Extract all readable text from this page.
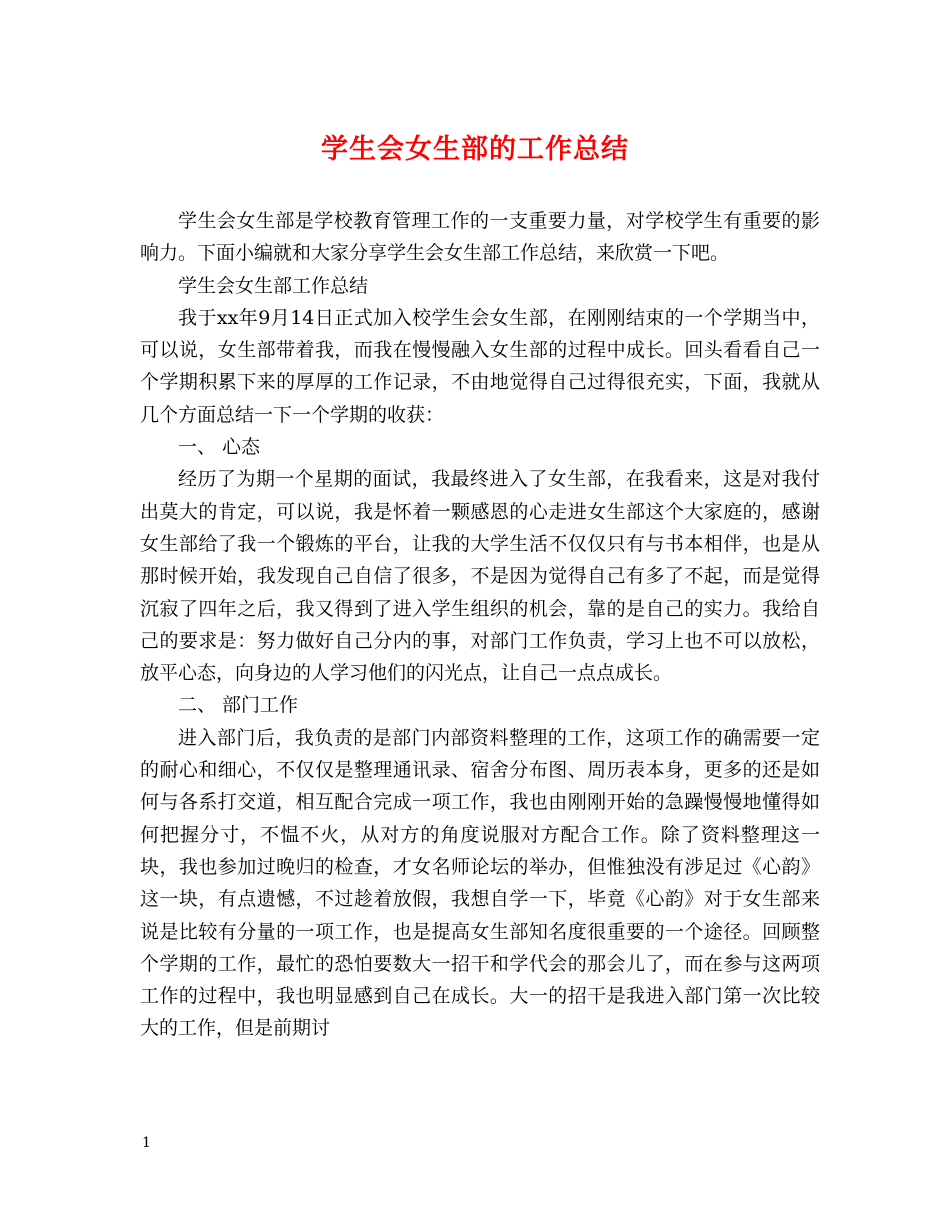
学生会女生部的工作总结

学生会女生部是学校教育管理工作的一支重要力量，对学校学生有重要的影响力。下面小编就和大家分享学生会女生部工作总结，来欣赏一下吧。

学生会女生部工作总结

我于xx年9月14日正式加入校学生会女生部，在刚刚结束的一个学期当中，可以说，女生部带着我，而我在慢慢融入女生部的过程中成长。回头看看自己一个学期积累下来的厚厚的工作记录，不由地觉得自己过得很充实，下面，我就从几个方面总结一下一个学期的收获：

一、 心态

经历了为期一个星期的面试，我最终进入了女生部，在我看来，这是对我付出莫大的肯定，可以说，我是怀着一颗感恩的心走进女生部这个大家庭的，感谢女生部给了我一个锻炼的平台，让我的大学生活不仅仅只有与书本相伴，也是从那时候开始，我发现自己自信了很多，不是因为觉得自己有多了不起，而是觉得沉寂了四年之后，我又得到了进入学生组织的机会，靠的是自己的实力。我给自己的要求是：努力做好自己分内的事，对部门工作负责，学习上也不可以放松，放平心态，向身边的人学习他们的闪光点，让自己一点点成长。

二、 部门工作

进入部门后，我负责的是部门内部资料整理的工作，这项工作的确需要一定的耐心和细心，不仅仅是整理通讯录、宿舍分布图、周历表本身，更多的还是如何与各系打交道，相互配合完成一项工作，我也由刚刚开始的急躁慢慢地懂得如何把握分寸，不愠不火，从对方的角度说服对方配合工作。除了资料整理这一块，我也参加过晚归的检查，才女名师论坛的举办，但惟独没有涉足过《心韵》这一块，有点遗憾，不过趁着放假，我想自学一下，毕竟《心韵》对于女生部来说是比较有分量的一项工作，也是提高女生部知名度很重要的一个途径。回顾整个学期的工作，最忙的恐怕要数大一招干和学代会的那会儿了，而在参与这两项工作的过程中，我也明显感到自己在成长。大一的招干是我进入部门第一次比较大的工作，但是前期讨

1
